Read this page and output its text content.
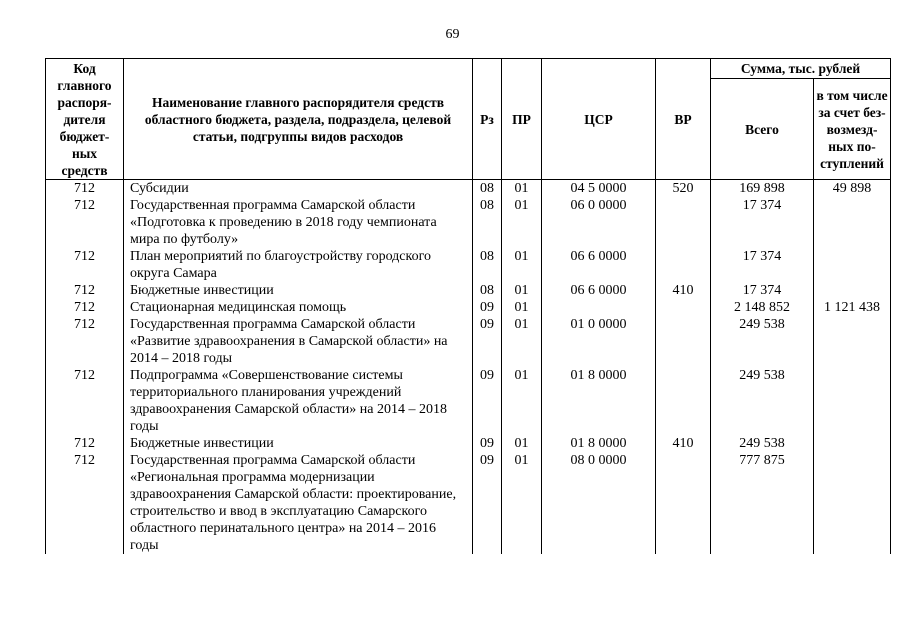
69
Код главного распоря-дителя бюджет-ных средств	Наименование главного распорядителя средств областного бюджета, раздела, подраздела, целевой статьи, подгруппы видов расходов	Рз	ПР	ЦСР	ВР	Сумма, тыс. рублей	
						Всего	в том числе за счет без-возмезд-ных по-ступлений
712	Субсидии	08	01	04 5 0000	520	169 898	49 898
712	Государственная программа Самарской области «Подготовка к проведению в 2018 году чемпионата мира по футболу»	08	01	06 0 0000		17 374	
712	План мероприятий по благоустройству городского округа Самара	08	01	06 6 0000		17 374	
712	Бюджетные инвестиции	08	01	06 6 0000	410	17 374	
712	Стационарная медицинская помощь	09	01			2 148 852	1 121 438
712	Государственная программа Самарской области «Развитие здравоохранения в Самарской области» на 2014 – 2018 годы	09	01	01 0 0000		249 538	
712	Подпрограмма «Совершенствование системы территориального планирования учреждений здравоохранения Самарской области» на 2014 – 2018 годы	09	01	01 8 0000		249 538	
712	Бюджетные инвестиции	09	01	01 8 0000	410	249 538	
712	Государственная программа Самарской области «Региональная программа модернизации здравоохранения Самарской области: проектирование, строительство и ввод в эксплуатацию Самарского областного перинатального центра» на 2014 – 2016 годы	09	01	08 0 0000		777 875	
